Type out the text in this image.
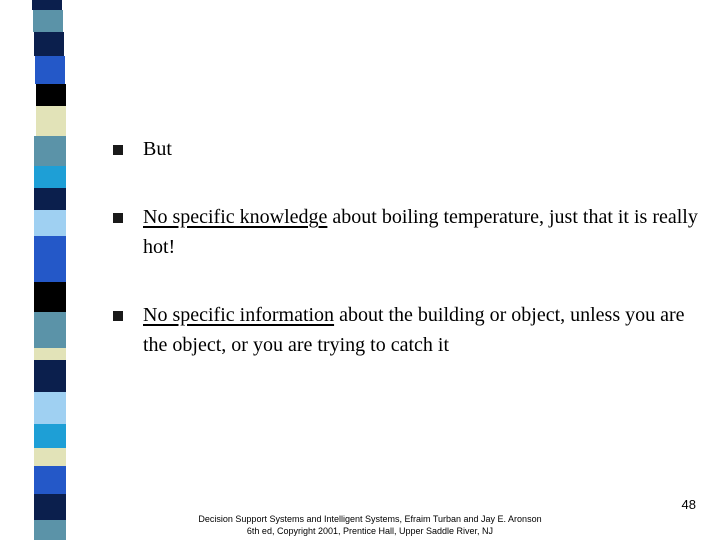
But

No specific knowledge about boiling temperature, just that it is really hot!

No specific information about the building or object, unless you are the object, or you are trying to catch it

48
Decision Support Systems and Intelligent Systems, Efraim Turban and Jay E. Aronson
6th ed, Copyright 2001, Prentice Hall, Upper Saddle River, NJ
